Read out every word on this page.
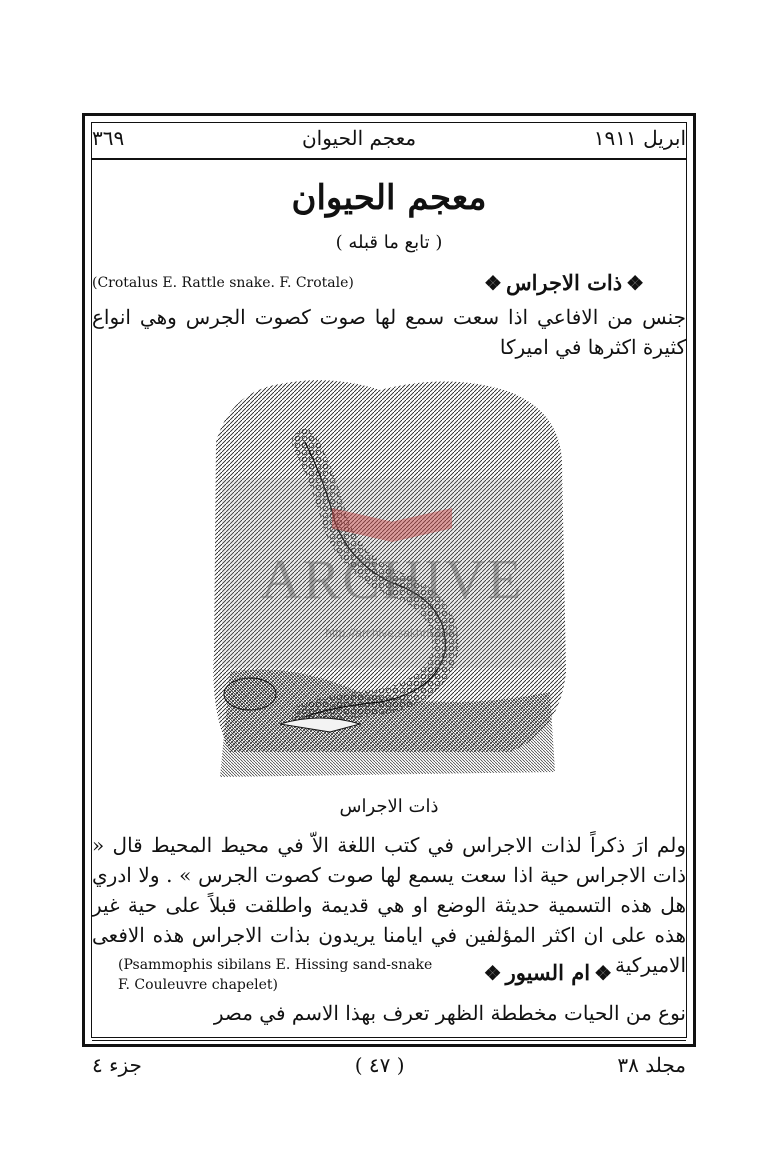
ابريل ١٩١١
معجم الحيوان
٣٦٩
معجم الحيوان
( تابع ما قبله )
❖ذات الاجراس❖
(Crotalus E. Rattle snake. F. Crotale)

جنس من الافاعي اذا سعت سمع لها صوت كصوت الجرس وهي انواع كثيرة اكثرها في اميركا

ARCHIVE
http://archive.sakhrit.com
ذات الاجراس

ولم ارَ ذكراً لذات الاجراس في كتب اللغة الاّ في محيط المحيط قال « ذات الاجراس حية اذا سعت يسمع لها صوت كصوت الجرس » . ولا ادري هل هذه التسمية حديثة الوضع او هي قديمة واطلقت قبلاً على حية غير هذه على ان اكثر المؤلفين في ايامنا يريدون بذات الاجراس هذه الافعى الاميركية

❖ام السيور❖
(Psammophis sibilans E. Hissing sand-snake
F. Couleuvre chapelet)

نوع من الحيات مخططة الظهر تعرف بهذا الاسم في مصر

مجلد ٣٨
( ٤٧ )
جزء ٤
